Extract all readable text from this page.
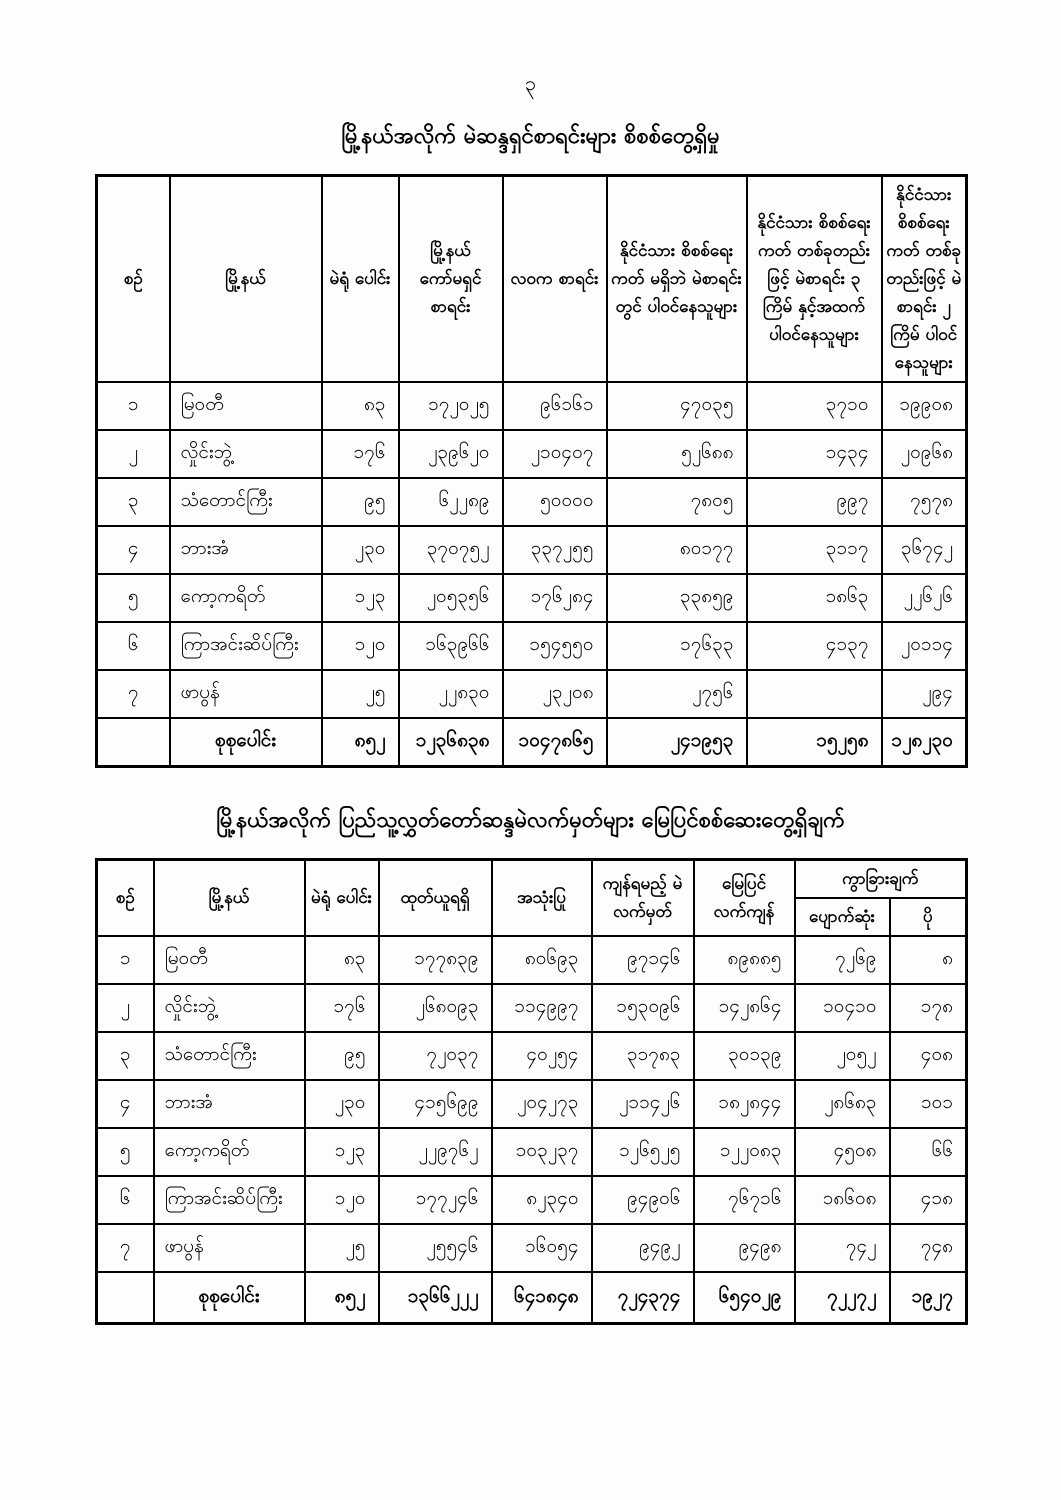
၃
မြို့နယ်အလိုက် မဲဆန္ဒရှင်စာရင်းများ စိစစ်တွေ့ရှိမှု
စဉ်	မြို့နယ်	မဲရုံ ပေါင်း	မြို့နယ် ကော်မရှင် စာရင်း	လဝက စာရင်း	နိုင်ငံသား စိစစ်ရေးကတ် မရှိဘဲ မဲစာရင်းတွင် ပါဝင်နေသူများ	နိုင်ငံသား စိစစ်ရေးကတ် တစ်ခုတည်းဖြင့် မဲစာရင်း ၃ ကြိမ် နှင့်အထက် ပါဝင်နေသူများ	နိုင်ငံသား စိစစ်ရေးကတ် တစ်ခုတည်းဖြင့် မဲစာရင်း ၂ ကြိမ် ပါဝင်နေသူများ
၁	မြဝတီ	၈၃	၁၇၂၀၂၅	၉၆၁၆၁	၄၇၀၃၅	၃၇၁၀	၁၉၉၀၈
၂	လှိုင်းဘွဲ့	၁၇၆	၂၃၉၆၂၀	၂၁၀၄၀၇	၅၂၆၈၈	၁၄၃၄	၂၀၉၆၈
၃	သံတောင်ကြီး	၉၅	၆၂၂၈၉	၅၀၀၀၀	၇၈၀၅	၉၉၇	၇၅၇၈
၄	ဘားအံ	၂၃၀	၃၇၀၇၅၂	၃၃၇၂၅၅	၈၀၁၇၇	၃၁၁၇	၃၆၇၄၂
၅	ကော့ကရိတ်	၁၂၃	၂၀၅၃၅၆	၁၇၆၂၈၄	၃၃၈၅၉	၁၈၆၃	၂၂၆၂၆
၆	ကြာအင်းဆိပ်ကြီး	၁၂၀	၁၆၃၉၆၆	၁၅၄၅၅၀	၁၇၆၃၃	၄၁၃၇	၂၀၁၁၄
၇	ဖာပွန်	၂၅	၂၂၈၃၀	၂၃၂၀၈	၂၇၅၆		၂၉၄
	စုစုပေါင်း	၈၅၂	၁၂၃၆၈၃၈	၁၀၄၇၈၆၅	၂၄၁၉၅၃	၁၅၂၅၈	၁၂၈၂၃၀
မြို့နယ်အလိုက် ပြည်သူ့လွှတ်တော်ဆန္ဒမဲလက်မှတ်များ မြေပြင်စစ်ဆေးတွေ့ရှိချက်
စဉ်	မြို့နယ်	မဲရုံ ပေါင်း	ထုတ်ယူရရှိ	အသုံးပြု	ကျန်ရမည့် မဲလက်မှတ်	မြေပြင် လက်ကျန်	ကွာခြားချက်	
							ပျောက်ဆုံး	ပို
၁	မြဝတီ	၈၃	၁၇၇၈၃၉	၈၀၆၉၃	၉၇၁၄၆	၈၉၈၈၅	၇၂၆၉	၈
၂	လှိုင်းဘွဲ့	၁၇၆	၂၆၈၀၉၃	၁၁၄၉၉၇	၁၅၃၀၉၆	၁၄၂၈၆၄	၁၀၄၁၀	၁၇၈
၃	သံတောင်ကြီး	၉၅	၇၂၀၃၇	၄၀၂၅၄	၃၁၇၈၃	၃၀၁၃၉	၂၀၅၂	၄၀၈
၄	ဘားအံ	၂၃၀	၄၁၅၆၉၉	၂၀၄၂၇၃	၂၁၁၄၂၆	၁၈၂၈၄၄	၂၈၆၈၃	၁၀၁
၅	ကော့ကရိတ်	၁၂၃	၂၂၉၇၆၂	၁၀၃၂၃၇	၁၂၆၅၂၅	၁၂၂၀၈၃	၄၅၀၈	၆၆
၆	ကြာအင်းဆိပ်ကြီး	၁၂၀	၁၇၇၂၄၆	၈၂၃၄၀	၉၄၉၀၆	၇၆၇၁၆	၁၈၆၀၈	၄၁၈
၇	ဖာပွန်	၂၅	၂၅၅၄၆	၁၆၀၅၄	၉၄၉၂	၉၄၉၈	၇၄၂	၇၄၈
	စုစုပေါင်း	၈၅၂	၁၃၆၆၂၂၂	၆၄၁၈၄၈	၇၂၄၃၇၄	၆၅၄၀၂၉	၇၂၂၇၂	၁၉၂၇
